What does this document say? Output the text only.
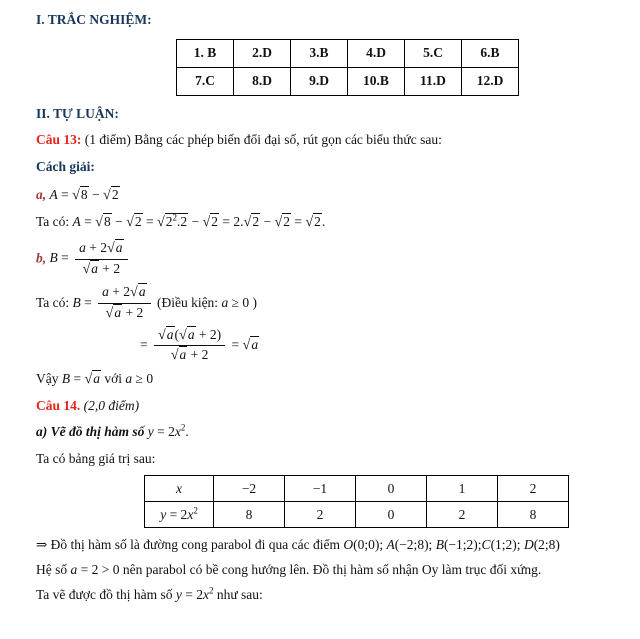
I. TRẮC NGHIỆM:
1. B	2.D	3.B	4.D	5.C	6.B
7.C	8.D	9.D	10.B	11.D	12.D
II. TỰ LUẬN:
Câu 13: (1 điểm) Bằng các phép biến đổi đại số, rút gọn các biểu thức sau:
Cách giải:
a, A = √8 − √2
Ta có: $A = √8 - √2 = √2^2.2 - √2 = 2.√2 - √2 = √2$.
b, $B = \frac{a + 2√a}{√a + 2}$
Ta có: $B = \frac{a + 2√a}{√a + 2}$ (Điều kiện: a ≥ 0 )
= $\frac{√a(√a + 2)}{√a + 2} = √a$
Vậy B = √a với a ≥ 0
Câu 14. (2,0 điểm)
a) Vẽ đồ thị hàm số $y = 2x^2$.
Ta có bảng giá trị sau:
x	−2	−1	0	1	2
$y = 2x^2$	8	2	0	2	8
⇒ Đồ thị hàm số là đường cong parabol đi qua các điểm O(0;0); A(−2;8); B(−1;2);C(1;2); D(2;8)
Hệ số a = 2 > 0 nên parabol có bề cong hướng lên. Đồ thị hàm số nhận Oy làm trục đối xứng.
Ta vẽ được đồ thị hàm số $y = 2x^2$ như sau:
